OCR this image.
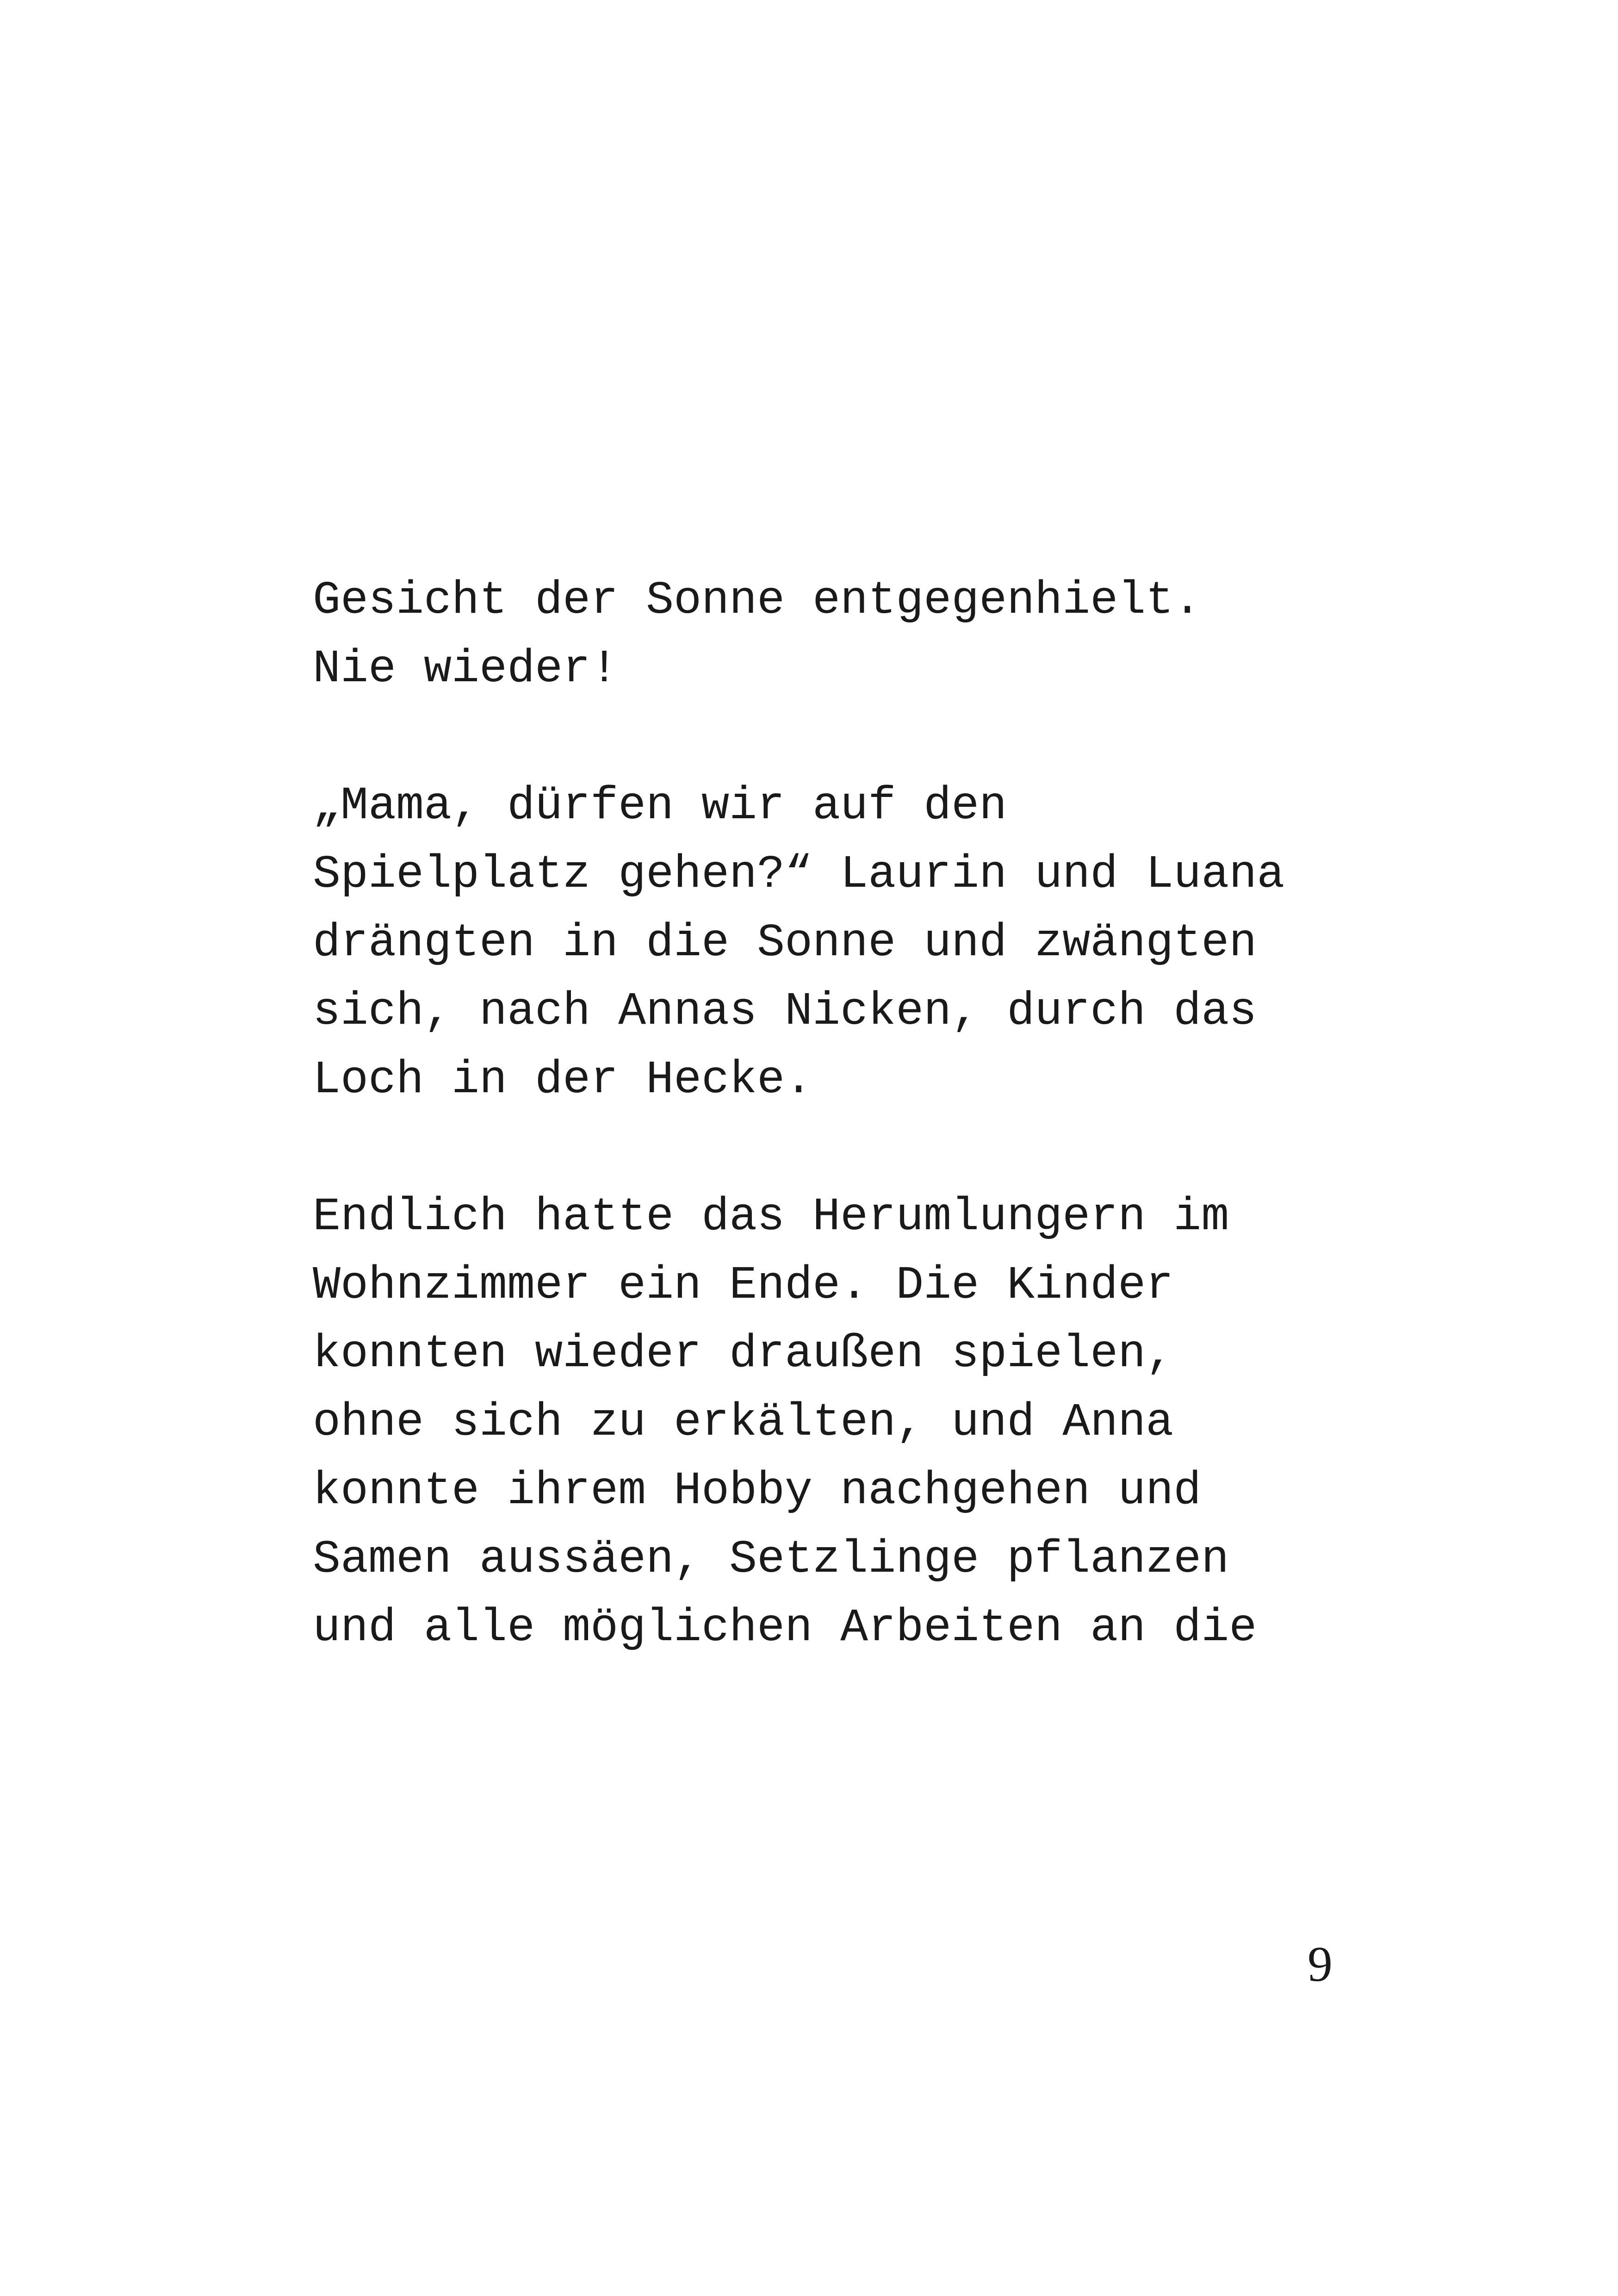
Gesicht der Sonne entgegenhielt.
Nie wieder!

„Mama, dürfen wir auf den
Spielplatz gehen?“ Laurin und Luana
drängten in die Sonne und zwängten
sich, nach Annas Nicken, durch das
Loch in der Hecke.

Endlich hatte das Herumlungern im
Wohnzimmer ein Ende. Die Kinder
konnten wieder draußen spielen,
ohne sich zu erkälten, und Anna
konnte ihrem Hobby nachgehen und
Samen aussäen, Setzlinge pflanzen
und alle möglichen Arbeiten an die

9
